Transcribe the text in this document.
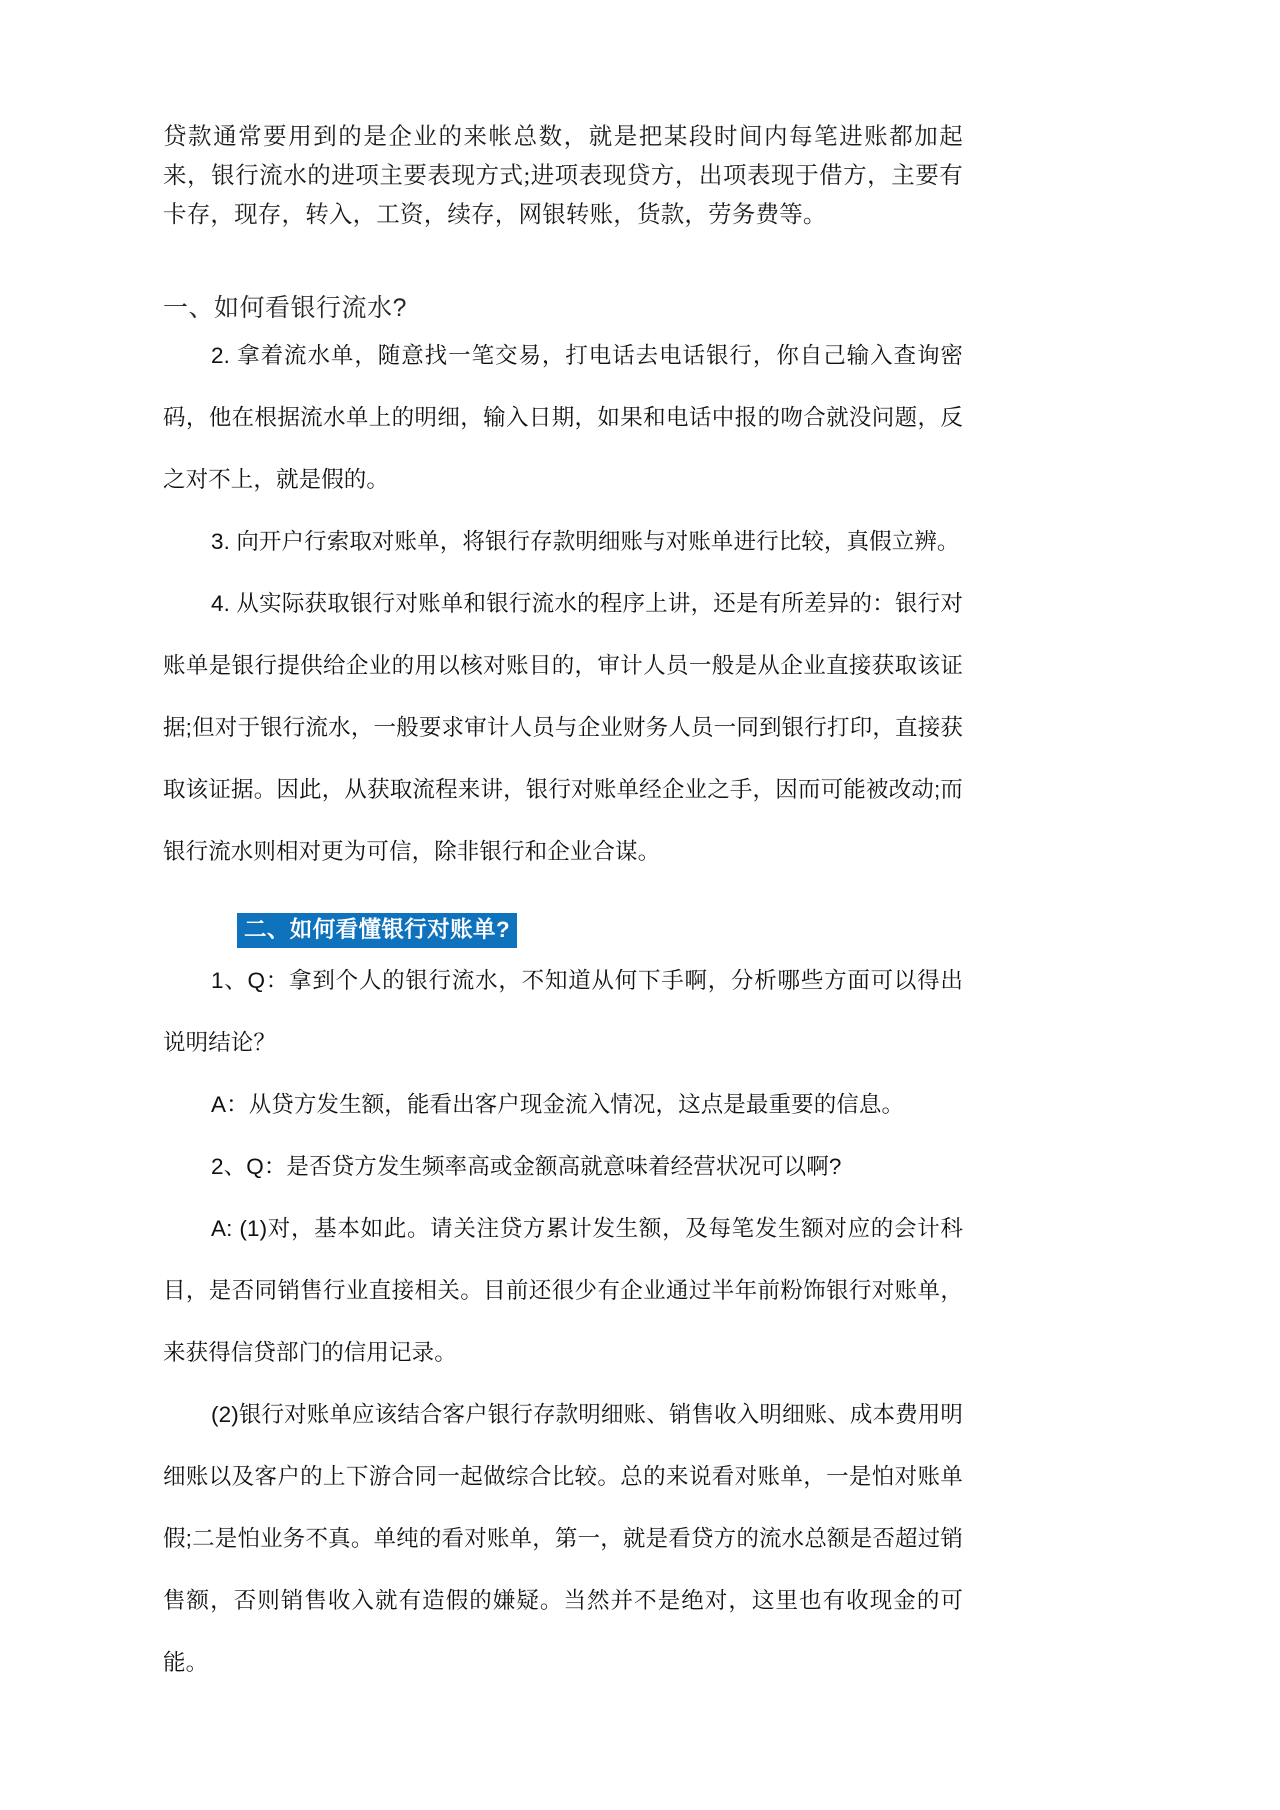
贷款通常要用到的是企业的来帐总数，就是把某段时间内每笔进账都加起来，银行流水的进项主要表现方式;进项表现贷方，出项表现于借方，主要有卡存，现存，转入，工资，续存，网银转账，货款，劳务费等。

一、如何看银行流水?

2. 拿着流水单，随意找一笔交易，打电话去电话银行，你自己输入查询密码，他在根据流水单上的明细，输入日期，如果和电话中报的吻合就没问题，反之对不上，就是假的。

3. 向开户行索取对账单，将银行存款明细账与对账单进行比较，真假立辨。

4. 从实际获取银行对账单和银行流水的程序上讲，还是有所差异的：银行对账单是银行提供给企业的用以核对账目的，审计人员一般是从企业直接获取该证据;但对于银行流水，一般要求审计人员与企业财务人员一同到银行打印，直接获取该证据。因此，从获取流程来讲，银行对账单经企业之手，因而可能被改动;而银行流水则相对更为可信，除非银行和企业合谋。

二、如何看懂银行对账单?

1、Q：拿到个人的银行流水，不知道从何下手啊，分析哪些方面可以得出说明结论？

A：从贷方发生额，能看出客户现金流入情况，这点是最重要的信息。

2、Q：是否贷方发生频率高或金额高就意味着经营状况可以啊?

A: (1)对，基本如此。请关注贷方累计发生额，及每笔发生额对应的会计科目，是否同销售行业直接相关。目前还很少有企业通过半年前粉饰银行对账单，来获得信贷部门的信用记录。

(2)银行对账单应该结合客户银行存款明细账、销售收入明细账、成本费用明细账以及客户的上下游合同一起做综合比较。总的来说看对账单，一是怕对账单假;二是怕业务不真。单纯的看对账单，第一，就是看贷方的流水总额是否超过销售额，否则销售收入就有造假的嫌疑。当然并不是绝对，这里也有收现金的可能。
